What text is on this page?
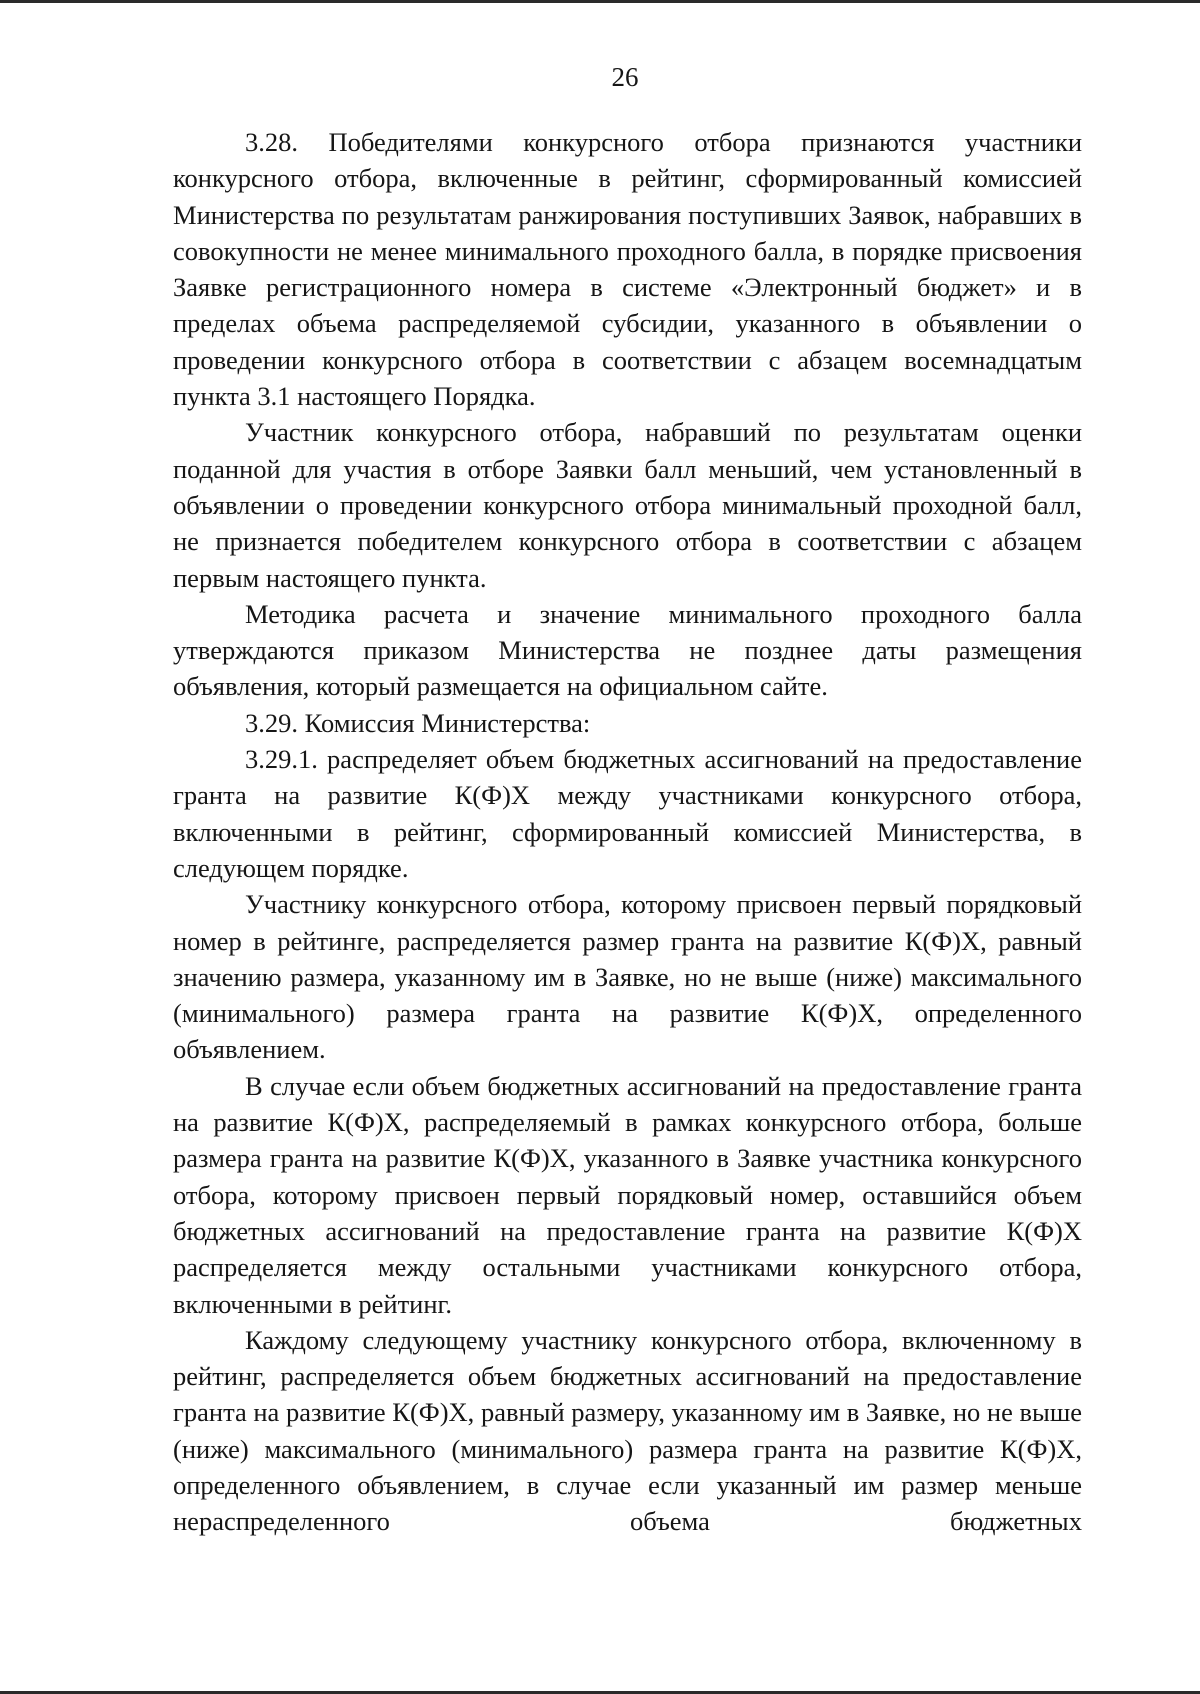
26

3.28. Победителями конкурсного отбора признаются участники конкурсного отбора, включенные в рейтинг, сформированный комиссией Министерства по результатам ранжирования поступивших Заявок, набравших в совокупности не менее минимального проходного балла, в порядке присвоения Заявке регистрационного номера в системе «Электронный бюджет» и в пределах объема распределяемой субсидии, указанного в объявлении о проведении конкурсного отбора в соответствии с абзацем восемнадцатым пункта 3.1 настоящего Порядка.

Участник конкурсного отбора, набравший по результатам оценки поданной для участия в отборе Заявки балл меньший, чем установленный в объявлении о проведении конкурсного отбора минимальный проходной балл, не признается победителем конкурсного отбора в соответствии с абзацем первым настоящего пункта.

Методика расчета и значение минимального проходного балла утверждаются приказом Министерства не позднее даты размещения объявления, который размещается на официальном сайте.

3.29. Комиссия Министерства:

3.29.1. распределяет объем бюджетных ассигнований на предоставление гранта на развитие К(Ф)Х между участниками конкурсного отбора, включенными в рейтинг, сформированный комиссией Министерства, в следующем порядке.

Участнику конкурсного отбора, которому присвоен первый порядковый номер в рейтинге, распределяется размер гранта на развитие К(Ф)Х, равный значению размера, указанному им в Заявке, но не выше (ниже) максимального (минимального) размера гранта на развитие К(Ф)Х, определенного объявлением.

В случае если объем бюджетных ассигнований на предоставление гранта на развитие К(Ф)Х, распределяемый в рамках конкурсного отбора, больше размера гранта на развитие К(Ф)Х, указанного в Заявке участника конкурсного отбора, которому присвоен первый порядковый номер, оставшийся объем бюджетных ассигнований на предоставление гранта на развитие К(Ф)Х распределяется между остальными участниками конкурсного отбора, включенными в рейтинг.

Каждому следующему участнику конкурсного отбора, включенному в рейтинг, распределяется объем бюджетных ассигнований на предоставление гранта на развитие К(Ф)Х, равный размеру, указанному им в Заявке, но не выше (ниже) максимального (минимального) размера гранта на развитие К(Ф)Х, определенного объявлением, в случае если указанный им размер меньше нераспределенного объема бюджетных
